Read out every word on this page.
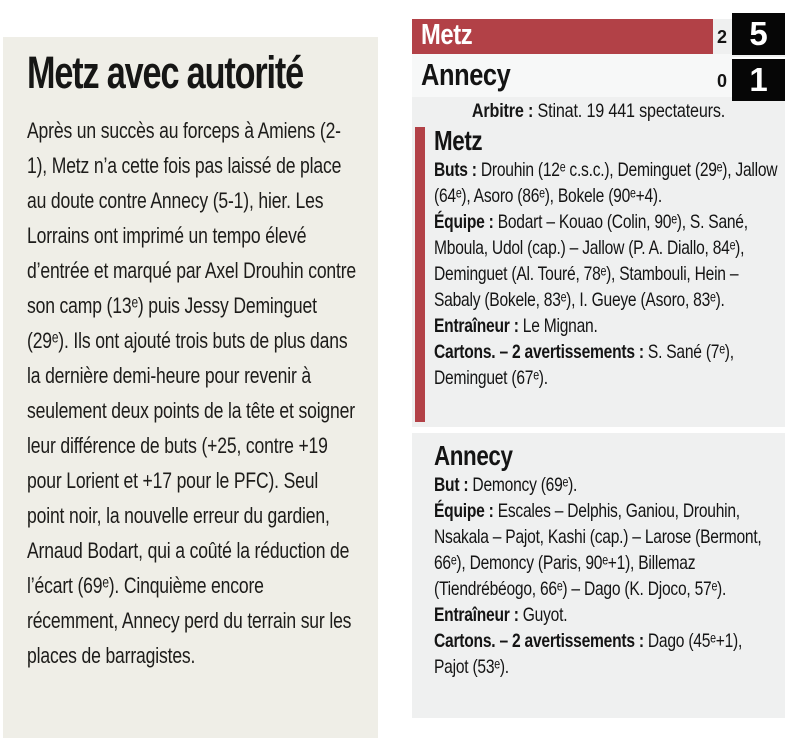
Metz avec autorité

Après un succès au forceps à Amiens (2-1), Metz n’a cette fois pas laissé de place au doute contre Annecy (5-1), hier. Les Lorrains ont imprimé un tempo élevé d’entrée et marqué par Axel Drouhin contre son camp (13ᵉ) puis Jessy Deminguet (29ᵉ). Ils ont ajouté trois buts de plus dans la dernière demi-heure pour revenir à seulement deux points de la tête et soigner leur différence de buts (+25, contre +19 pour Lorient et +17 pour le PFC). Seul point noir, la nouvelle erreur du gardien, Arnaud Bodart, qui a coûté la réduction de l’écart (69ᵉ). Cinquième encore récemment, Annecy perd du terrain sur les places de barragistes.

Metz
Annecy
2
0
5
1
Arbitre : Stinat. 19 441 spectateurs.
Metz

Buts : Drouhin (12ᵉ c.s.c.), Deminguet (29ᵉ), Jallow (64ᵉ), Asoro (86ᵉ), Bokele (90ᵉ+4).

Équipe : Bodart – Kouao (Colin, 90ᵉ), S. Sané, Mboula, Udol (cap.) – Jallow (P. A. Diallo, 84ᵉ), Deminguet (Al. Touré, 78ᵉ), Stambouli, Hein – Sabaly (Bokele, 83ᵉ), I. Gueye (Asoro, 83ᵉ).

Entraîneur : Le Mignan.

Cartons. – 2 avertissements : S. Sané (7ᵉ), Deminguet (67ᵉ).

Annecy

But : Demoncy (69ᵉ).

Équipe : Escales – Delphis, Ganiou, Drouhin, Nsakala – Pajot, Kashi (cap.) – Larose (Bermont, 66ᵉ), Demoncy (Paris, 90ᵉ+1), Billemaz (Tiendrébéogo, 66ᵉ) – Dago (K. Djoco, 57ᵉ).

Entraîneur : Guyot.

Cartons. – 2 avertissements : Dago (45ᵉ+1), Pajot (53ᵉ).
